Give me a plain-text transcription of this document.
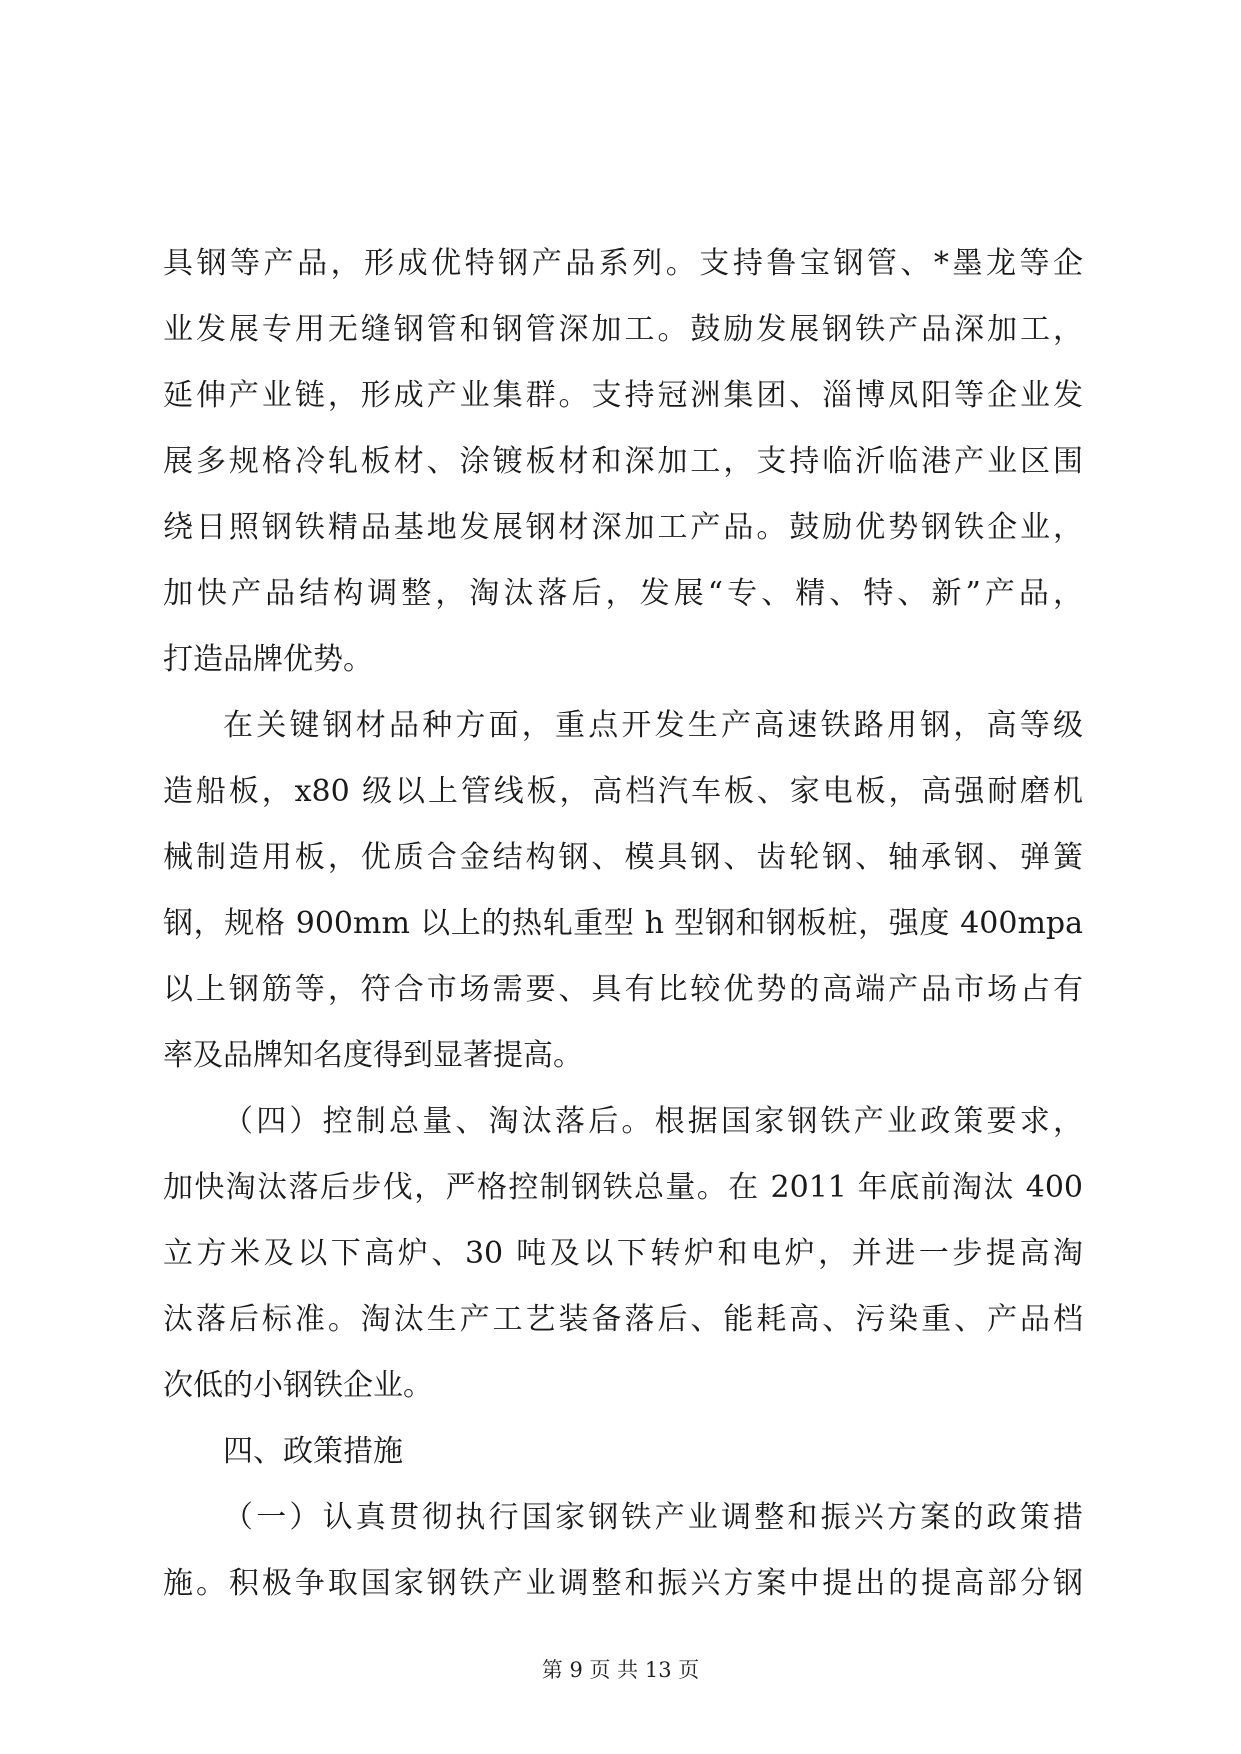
具钢等产品，形成优特钢产品系列。支持鲁宝钢管、*墨龙等企
业发展专用无缝钢管和钢管深加工。鼓励发展钢铁产品深加工，
延伸产业链，形成产业集群。支持冠洲集团、淄博凤阳等企业发
展多规格冷轧板材、涂镀板材和深加工，支持临沂临港产业区围
绕日照钢铁精品基地发展钢材深加工产品。鼓励优势钢铁企业，
加快产品结构调整，淘汰落后，发展“专、精、特、新”产品，
打造品牌优势。
在关键钢材品种方面，重点开发生产高速铁路用钢，高等级
造船板，x80 级以上管线板，高档汽车板、家电板，高强耐磨机
械制造用板，优质合金结构钢、模具钢、齿轮钢、轴承钢、弹簧
钢，规格 900mm 以上的热轧重型 h 型钢和钢板桩，强度 400mpa
以上钢筋等，符合市场需要、具有比较优势的高端产品市场占有
率及品牌知名度得到显著提高。
（四）控制总量、淘汰落后。根据国家钢铁产业政策要求，
加快淘汰落后步伐，严格控制钢铁总量。在 2011 年底前淘汰 400
立方米及以下高炉、30 吨及以下转炉和电炉，并进一步提高淘
汰落后标准。淘汰生产工艺装备落后、能耗高、污染重、产品档
次低的小钢铁企业。
四、政策措施
（一）认真贯彻执行国家钢铁产业调整和振兴方案的政策措
施。积极争取国家钢铁产业调整和振兴方案中提出的提高部分钢
第 9 页 共 13 页
